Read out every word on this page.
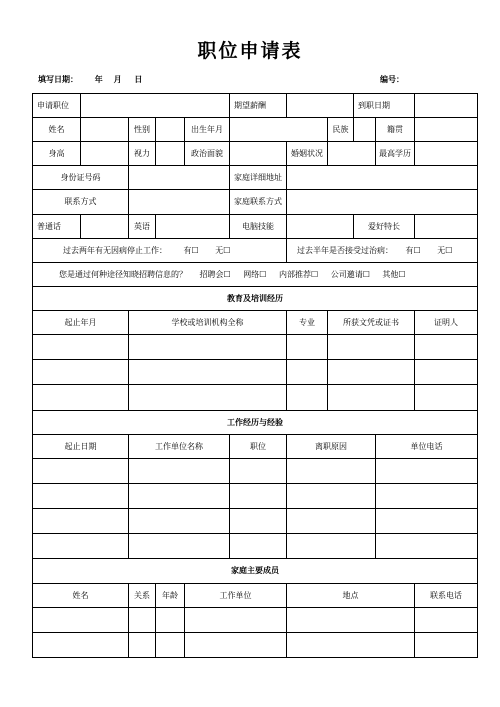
职位申请表
填写日期： 年 月 日	编号：
申请职位					期望薪酬			到职日期		
姓名		性别		出生年月			民族		籍贯	
身高		视力		政治面貌		婚姻状况			最高学历	
身份证号码					家庭详细地址					
联系方式					家庭联系方式					
普通话		英语			电脑技能			爱好特长		
过去两年有无因病停止工作： 有☐ 无☐						过去半年是否接受过治病： 有☐ 无☐				
您是通过何种途径知晓招聘信息的？ 招聘会☐ 网络☐ 内部推荐☐ 公司邀请☐ 其他☐										
教育及培训经历										
起止年月		学校或培训机构全称				专业	所获文凭或证书			证明人

工作经历与经验										
起止日期		工作单位名称			职位	离职原因			单位电话	

家庭主要成员										
姓名		关系	年龄	工作单位		地点				联系电话
